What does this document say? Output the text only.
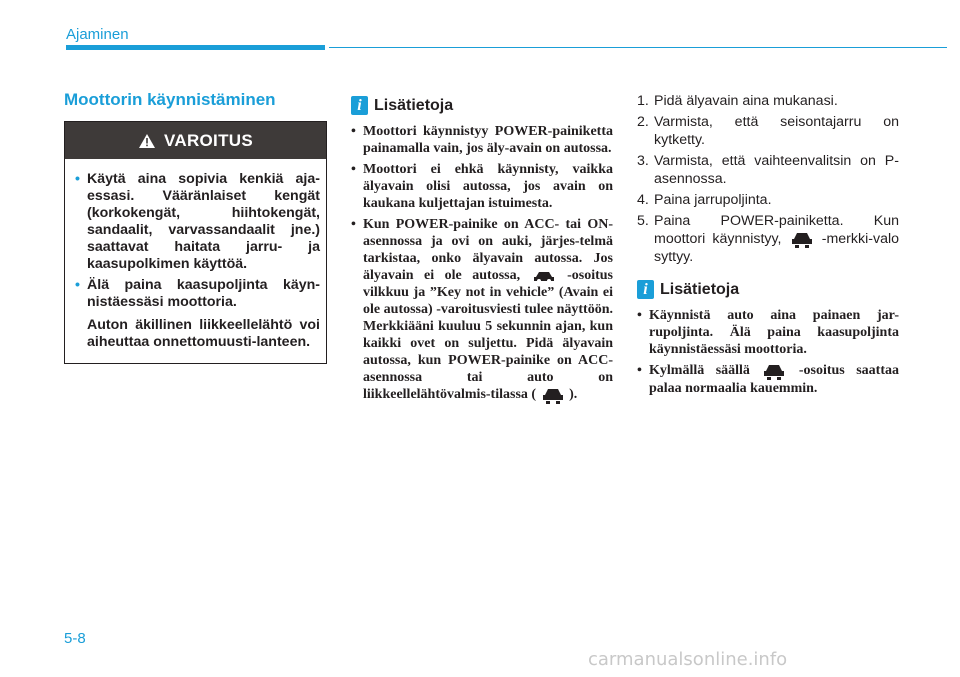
Ajaminen
Moottorin käynnistäminen
VAROITUS
• Käytä aina sopivia kenkiä aja-essasi. Vääränlaiset kengät (korkokengät, hiihtokengät, sandaalit, varvassandaalit jne.) saattavat haitata jarru- ja kaasupolkimen käyttöä.
• Älä paina kaasupoljinta käyn-nistäessäsi moottoria.
Auton äkillinen liikkeellelähtö voi aiheuttaa onnettomuusti-lanteen.
i Lisätietoja
• Moottori käynnistyy POWER-painiketta painamalla vain, jos äly-avain on autossa.
• Moottori ei ehkä käynnisty, vaikka älyavain olisi autossa, jos avain on kaukana kuljettajan istuimesta.
• Kun POWER-painike on ACC- tai ON-asennossa ja ovi on auki, järjes-telmä tarkistaa, onko älyavain autossa. Jos älyavain ei ole autossa,	-osoitus vilkkuu ja ”Key not in vehicle” (Avain ei ole autossa) -varoitusviesti tulee näyttöön. Merkkiääni kuuluu 5 sekunnin ajan, kun kaikki ovet on suljettu. Pidä älyavain autossa, kun POWER-painike on ACC-asennossa tai auto on liikkeellelähtövalmis-tilassa ( ).
1. Pidä älyavain aina mukanasi.
2. Varmista, että seisontajarru on kytketty.
3. Varmista, että vaihteenvalitsin on P-asennossa.
4. Paina jarrupoljinta.
5. Paina POWER-painiketta. Kun moottori käynnistyy,	-merkki-valo syttyy.
i Lisätietoja
• Käynnistä auto aina painaen jar-rupoljinta. Älä paina kaasupoljinta käynnistäessäsi moottoria.
• Kylmällä säällä	-osoitus saattaa palaa normaalia kauemmin.
5-8
carmanualsonline.info
